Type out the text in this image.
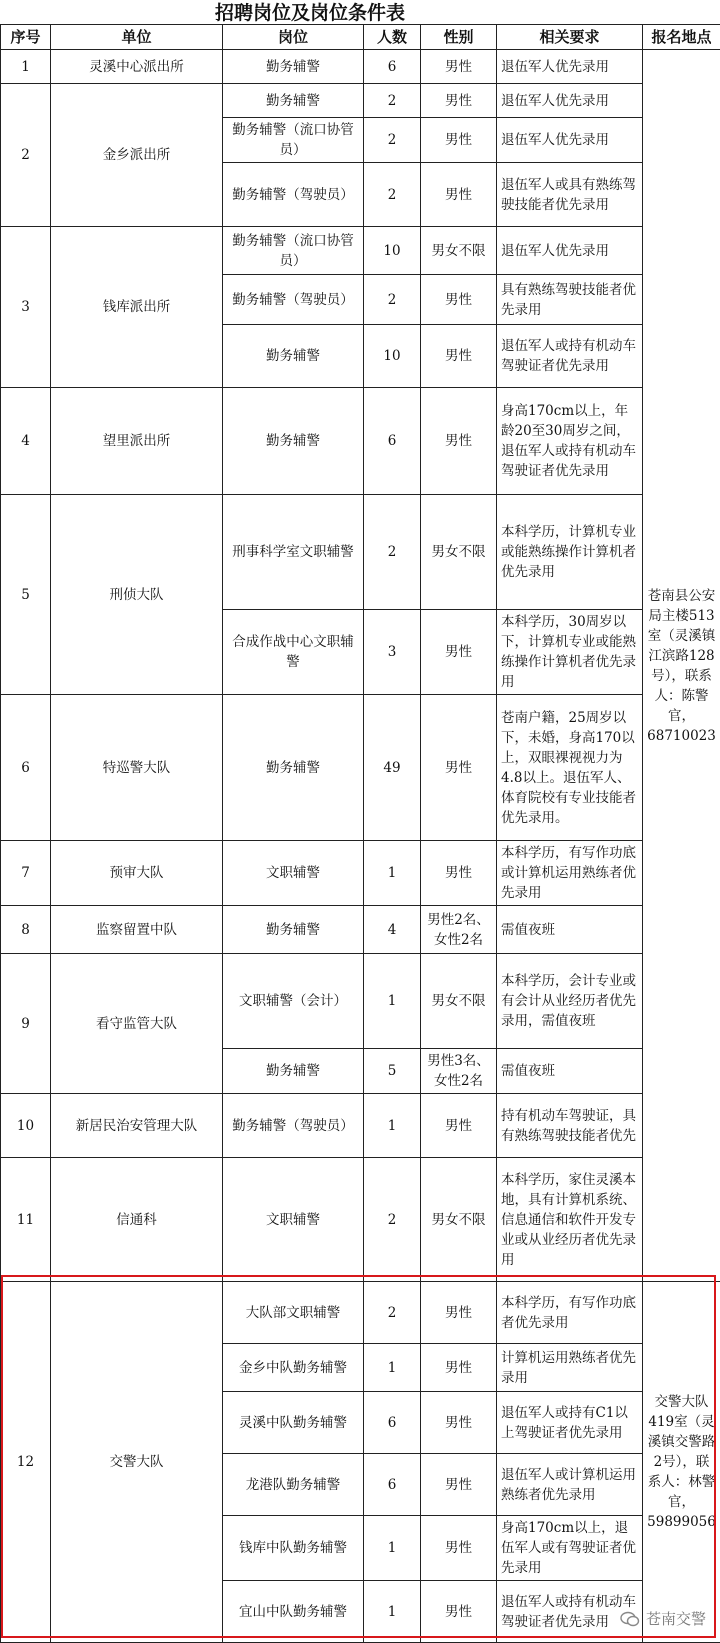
招聘岗位及岗位条件表
序号	单位	岗位	人数	性别	相关要求	报名地点
1	灵溪中心派出所	勤务辅警	6	男性	退伍军人优先录用	苍南县公安局主楼513室（灵溪镇江滨路128号），联系人：陈警官，68710023
2	金乡派出所	勤务辅警	2	男性	退伍军人优先录用	
		勤务辅警（流口协管员）	2	男性	退伍军人优先录用	
		勤务辅警（驾驶员）	2	男性	退伍军人或具有熟练驾驶技能者优先录用	
3	钱库派出所	勤务辅警（流口协管员）	10	男女不限	退伍军人优先录用	
		勤务辅警（驾驶员）	2	男性	具有熟练驾驶技能者优先录用	
		勤务辅警	10	男性	退伍军人或持有机动车驾驶证者优先录用	
4	望里派出所	勤务辅警	6	男性	身高170cm以上，年龄20至30周岁之间，退伍军人或持有机动车驾驶证者优先录用	
5	刑侦大队	刑事科学室文职辅警	2	男女不限	本科学历，计算机专业或能熟练操作计算机者优先录用	
		合成作战中心文职辅警	3	男性	本科学历，30周岁以下，计算机专业或能熟练操作计算机者优先录用	
6	特巡警大队	勤务辅警	49	男性	苍南户籍，25周岁以下，未婚，身高170以上，双眼裸视视力为4.8以上。退伍军人、体育院校有专业技能者优先录用。	
7	预审大队	文职辅警	1	男性	本科学历，有写作功底或计算机运用熟练者优先录用	
8	监察留置中队	勤务辅警	4	男性2名、女性2名	需值夜班	
9	看守监管大队	文职辅警（会计）	1	男女不限	本科学历，会计专业或有会计从业经历者优先录用，需值夜班	
		勤务辅警	5	男性3名、女性2名	需值夜班	
10	新居民治安管理大队	勤务辅警（驾驶员）	1	男性	持有机动车驾驶证，具有熟练驾驶技能者优先	
11	信通科	文职辅警	2	男女不限	本科学历，家住灵溪本地，具有计算机系统、信息通信和软件开发专业或从业经历者优先录用	
12	交警大队	大队部文职辅警	2	男性	本科学历，有写作功底者优先录用	交警大队419室（灵溪镇交警路2号），联系人：林警官，59899056
		金乡中队勤务辅警	1	男性	计算机运用熟练者优先录用	
		灵溪中队勤务辅警	6	男性	退伍军人或持有C1以上驾驶证者优先录用	
		龙港队勤务辅警	6	男性	退伍军人或计算机运用熟练者优先录用	
		钱库中队勤务辅警	1	男性	身高170cm以上，退伍军人或有驾驶证者优先录用	
		宜山中队勤务辅警	1	男性	退伍军人或持有机动车驾驶证者优先录用	苍南交警
